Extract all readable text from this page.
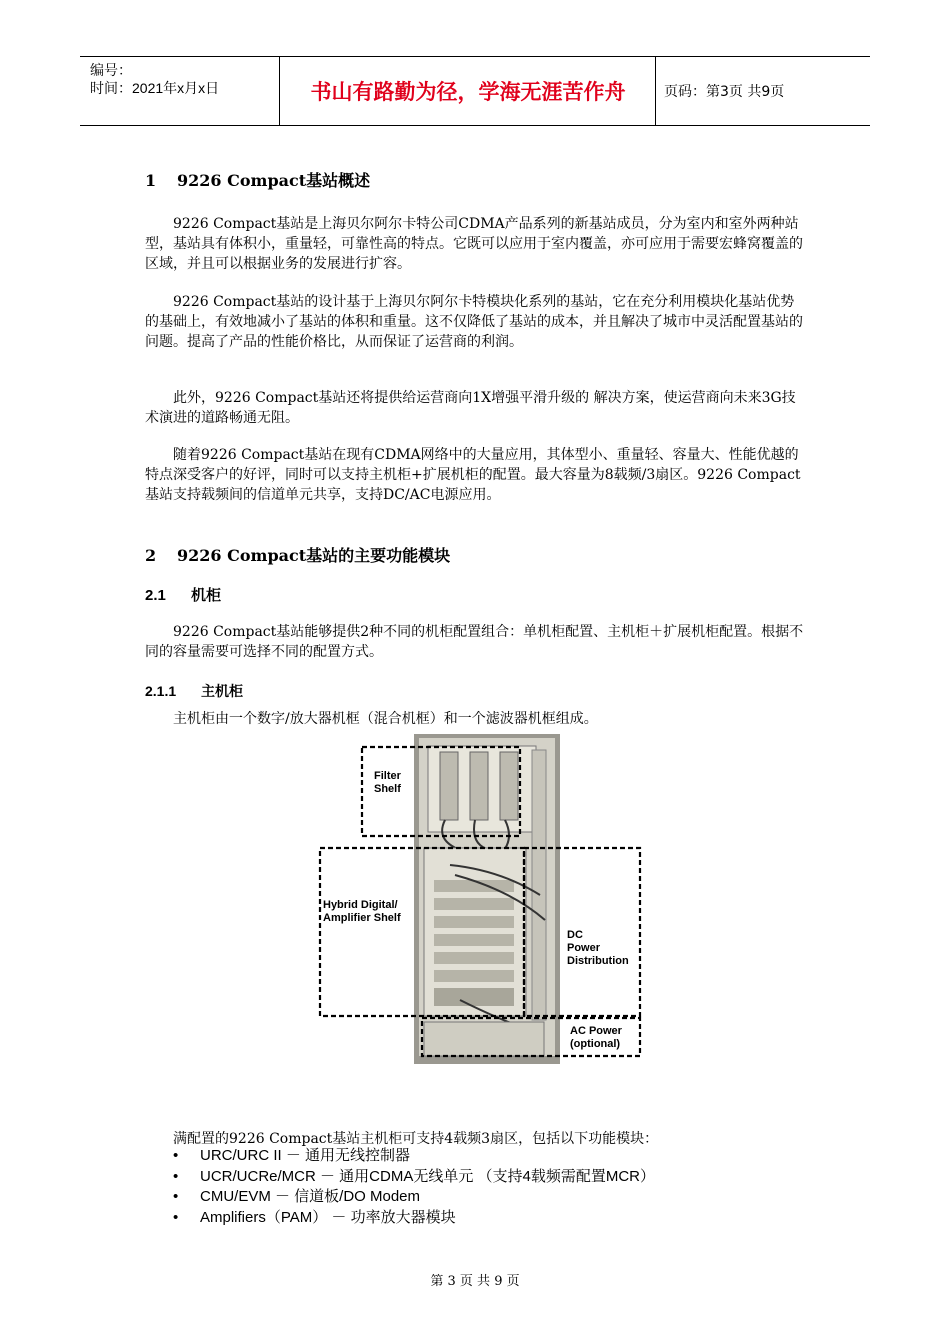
编号：
时间：2021年x月x日	书山有路勤为径，学海无涯苦作舟	页码：第3页 共9页
1 9226 Compact基站概述
9226 Compact基站是上海贝尔阿尔卡特公司CDMA产品系列的新基站成员，分为室内和室外两种站型，基站具有体积小，重量轻，可靠性高的特点。它既可以应用于室内覆盖，亦可应用于需要宏蜂窝覆盖的区域，并且可以根据业务的发展进行扩容。
9226 Compact基站的设计基于上海贝尔阿尔卡特模块化系列的基站，它在充分利用模块化基站优势的基础上，有效地减小了基站的体积和重量。这不仅降低了基站的成本，并且解决了城市中灵活配置基站的问题。提高了产品的性能价格比，从而保证了运营商的利润。
此外，9226 Compact基站还将提供给运营商向1X增强平滑升级的 解决方案，使运营商向未来3G技术演进的道路畅通无阻。
随着9226 Compact基站在现有CDMA网络中的大量应用，其体型小、重量轻、容量大、性能优越的特点深受客户的好评，同时可以支持主机柜+扩展机柜的配置。最大容量为8载频/3扇区。9226 Compact基站支持载频间的信道单元共享，支持DC/AC电源应用。
2 9226 Compact基站的主要功能模块
2.1 机柜
9226 Compact基站能够提供2种不同的机柜配置组合：单机柜配置、主机柜＋扩展机柜配置。根据不同的容量需要可选择不同的配置方式。
2.1.1 主机柜
主机柜由一个数字/放大器机框（混合机框）和一个滤波器机框组成。
Filter
Shelf
Hybrid Digital/
Amplifier Shelf
DC
Power
Distribution
AC Power
(optional)
满配置的9226 Compact基站主机柜可支持4载频3扇区，包括以下功能模块：
• URC/URC II － 通用无线控制器
• UCR/UCRe/MCR － 通用CDMA无线单元 （支持4载频需配置MCR）
• CMU/EVM － 信道板/DO Modem
• Amplifiers（PAM） － 功率放大器模块
第 3 页 共 9 页
